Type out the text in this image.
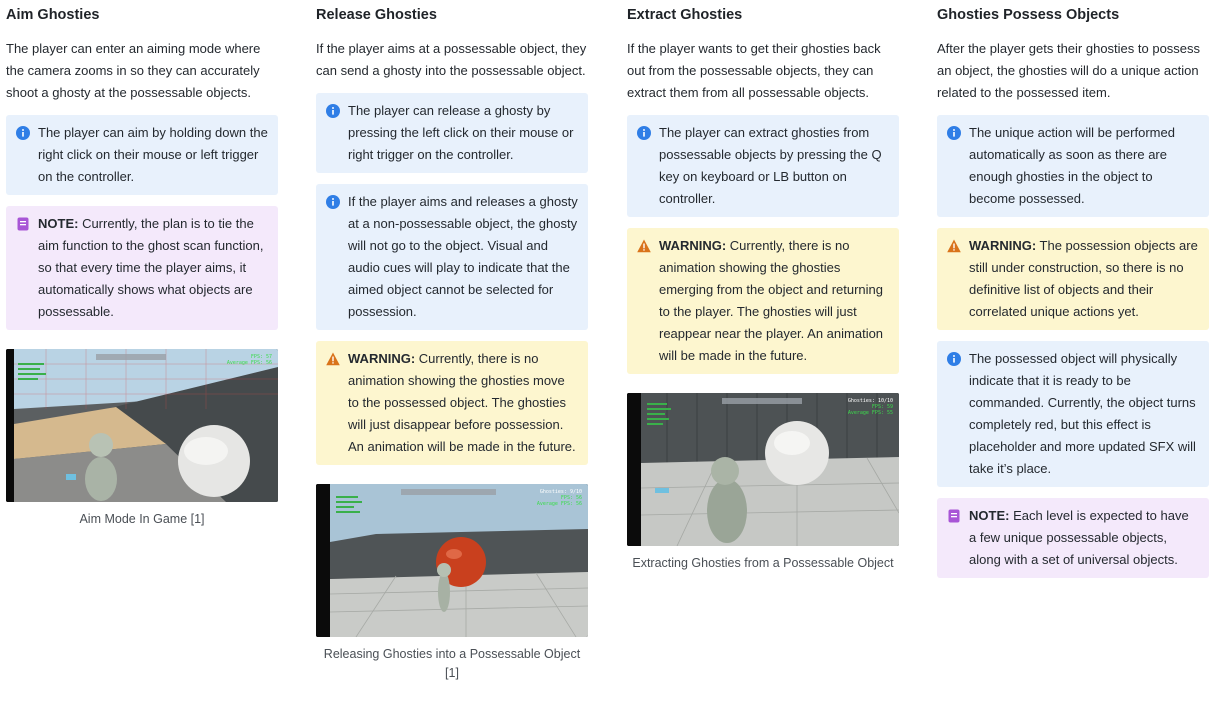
Aim Ghosties

The player can enter an aiming mode where the camera zooms in so they can accurately shoot a ghosty at the possessable objects.

The player can aim by holding down the right click on their mouse or left trigger on the controller.
NOTE: Currently, the plan is to tie the aim function to the ghost scan function, so that every time the player aims, it automatically shows what objects are possessable.
FPS: 57
Average FPS: 56
Aim Mode In Game [1]
Release Ghosties

If the player aims at a possessable object, they can send a ghosty into the possessable object.

The player can release a ghosty by pressing the left click on their mouse or right trigger on the controller.
If the player aims and releases a ghosty at a non-possessable object, the ghosty will not go to the object. Visual and audio cues will play to indicate that the aimed object cannot be selected for possession.
WARNING: Currently, there is no animation showing the ghosties move to the possessed object. The ghosties will just disappear before possession. An animation will be made in the future.
Ghosties: 9/10
FPS: 56
Average FPS: 56
Releasing Ghosties into a Possessable Object [1]
Extract Ghosties

If the player wants to get their ghosties back out from the possessable objects, they can extract them from all possessable objects.

The player can extract ghosties from possessable objects by pressing the Q key on keyboard or LB button on controller.
WARNING: Currently, there is no animation showing the ghosties emerging from the object and returning to the player. The ghosties will just reappear near the player. An animation will be made in the future.
Ghosties: 10/10
FPS: 59
Average FPS: 55
Extracting Ghosties from a Possessable Object
Ghosties Possess Objects

After the player gets their ghosties to possess an object, the ghosties will do a unique action related to the possessed item.

The unique action will be performed automatically as soon as there are enough ghosties in the object to become possessed.
WARNING: The possession objects are still under construction, so there is no definitive list of objects and their correlated unique actions yet.
The possessed object will physically indicate that it is ready to be commanded. Currently, the object turns completely red, but this effect is placeholder and more updated SFX will take it’s place.
NOTE: Each level is expected to have a few unique possessable objects, along with a set of universal objects.
